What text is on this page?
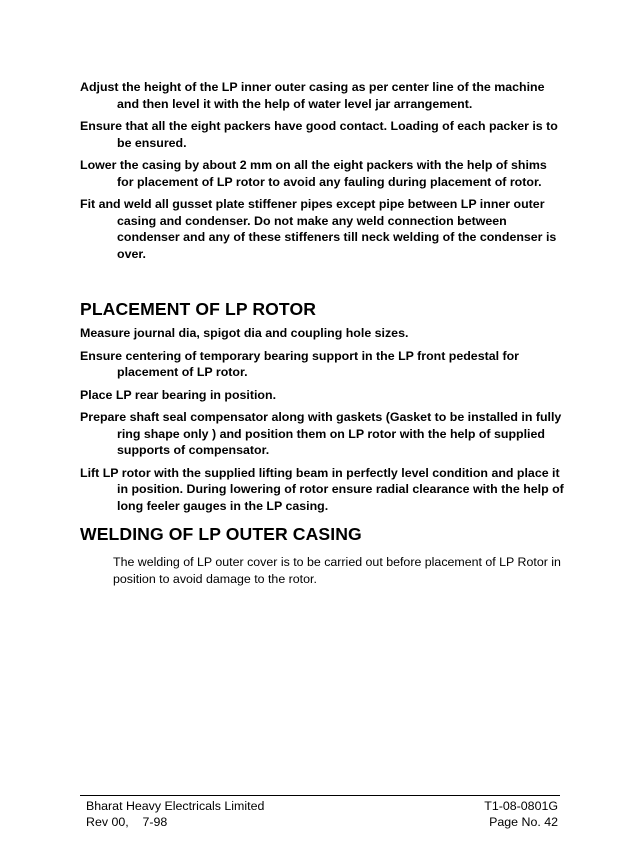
Adjust the height of the LP inner outer casing as per center line of the machine and then level it with the help of water level jar arrangement.

Ensure that all the eight packers have good contact. Loading of each packer is to be ensured.

Lower the casing by about 2 mm on all the eight packers with the help of shims for placement of LP rotor to avoid any fauling during placement of rotor.

Fit and weld all gusset plate stiffener pipes except pipe between LP inner outer casing and condenser. Do not make any weld connection between condenser and any of these stiffeners till neck welding of the condenser is over.

PLACEMENT OF LP ROTOR

Measure journal dia, spigot dia and coupling hole sizes.

Ensure centering of temporary bearing support in the LP front pedestal for placement of LP rotor.

Place LP rear bearing in position.

Prepare shaft seal compensator along with gaskets (Gasket to be installed in fully ring shape only ) and position them on LP rotor with the help of supplied supports of compensator.

Lift LP rotor with the supplied lifting beam in perfectly level condition and place it in position. During lowering of rotor ensure radial clearance with the help of long feeler gauges in the LP casing.

WELDING OF LP OUTER CASING

The welding of LP outer cover is to be carried out before placement of LP Rotor in position to avoid damage to the rotor.

Bharat Heavy Electricals Limited	T1-08-0801G
Rev 00,    7-98	Page No. 42
